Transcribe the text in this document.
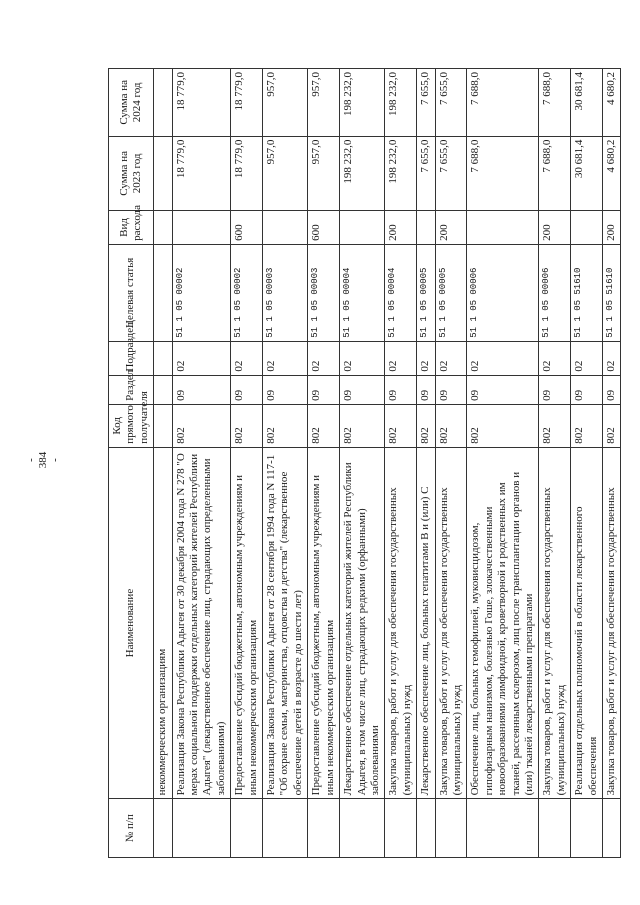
- 384 -
№ п/п	Наименование	Код прямого получателя	Раздел	Подраздел	Целевая статья	Вид расхода	Сумма на 2023 год	Сумма на 2024 год
	некоммерческим организациям							
	Реализация Закона Республики Адыгея от 30 декабря 2004 года N 278 "О мерах социальной поддержки отдельных категорий жителей Республики Адыгея" (лекарственное обеспечение лиц, страдающих определенными заболеваниями)	802	09	02	51 1 05 00002		18 779,0	18 779,0
	Предоставление субсидий бюджетным, автономным учреждениям и иным некоммерческим организациям	802	09	02	51 1 05 00002	600	18 779,0	18 779,0
	Реализация Закона Республики Адыгея от 28 сентября 1994 года N 117-1 "Об охране семьи, материнства, отцовства и детства" (лекарственное обеспечение детей в возрасте до шести лет)	802	09	02	51 1 05 00003		957,0	957,0
	Предоставление субсидий бюджетным, автономным учреждениям и иным некоммерческим организациям	802	09	02	51 1 05 00003	600	957,0	957,0
	Лекарственное обеспечение отдельных категорий жителей Республики Адыгея, в том числе лиц, страдающих редкими (орфанными) заболеваниями	802	09	02	51 1 05 00004		198 232,0	198 232,0
	Закупка товаров, работ и услуг для обеспечения государственных (муниципальных) нужд	802	09	02	51 1 05 00004	200	198 232,0	198 232,0
	Лекарственное обеспечение лиц, больных гепатитами В и (или) С	802	09	02	51 1 05 00005		7 655,0	7 655,0
	Закупка товаров, работ и услуг для обеспечения государственных (муниципальных) нужд	802	09	02	51 1 05 00005	200	7 655,0	7 655,0
	Обеспечение лиц, больных гемофилией, муковисцидозом, гипофизарным нанизмом, болезнью Гоше, злокачественными новообразованиями лимфоидной, кроветворной и родственных им тканей, рассеянным склерозом, лиц после трансплантации органов и (или) тканей лекарственными препаратами	802	09	02	51 1 05 00006		7 688,0	7 688,0
	Закупка товаров, работ и услуг для обеспечения государственных (муниципальных) нужд	802	09	02	51 1 05 00006	200	7 688,0	7 688,0
	Реализация отдельных полномочий в области лекарственного обеспечения	802	09	02	51 1 05 51610		30 681,4	30 681,4
	Закупка товаров, работ и услуг для обеспечения государственных	802	09	02	51 1 05 51610	200	4 680,2	4 680,2
